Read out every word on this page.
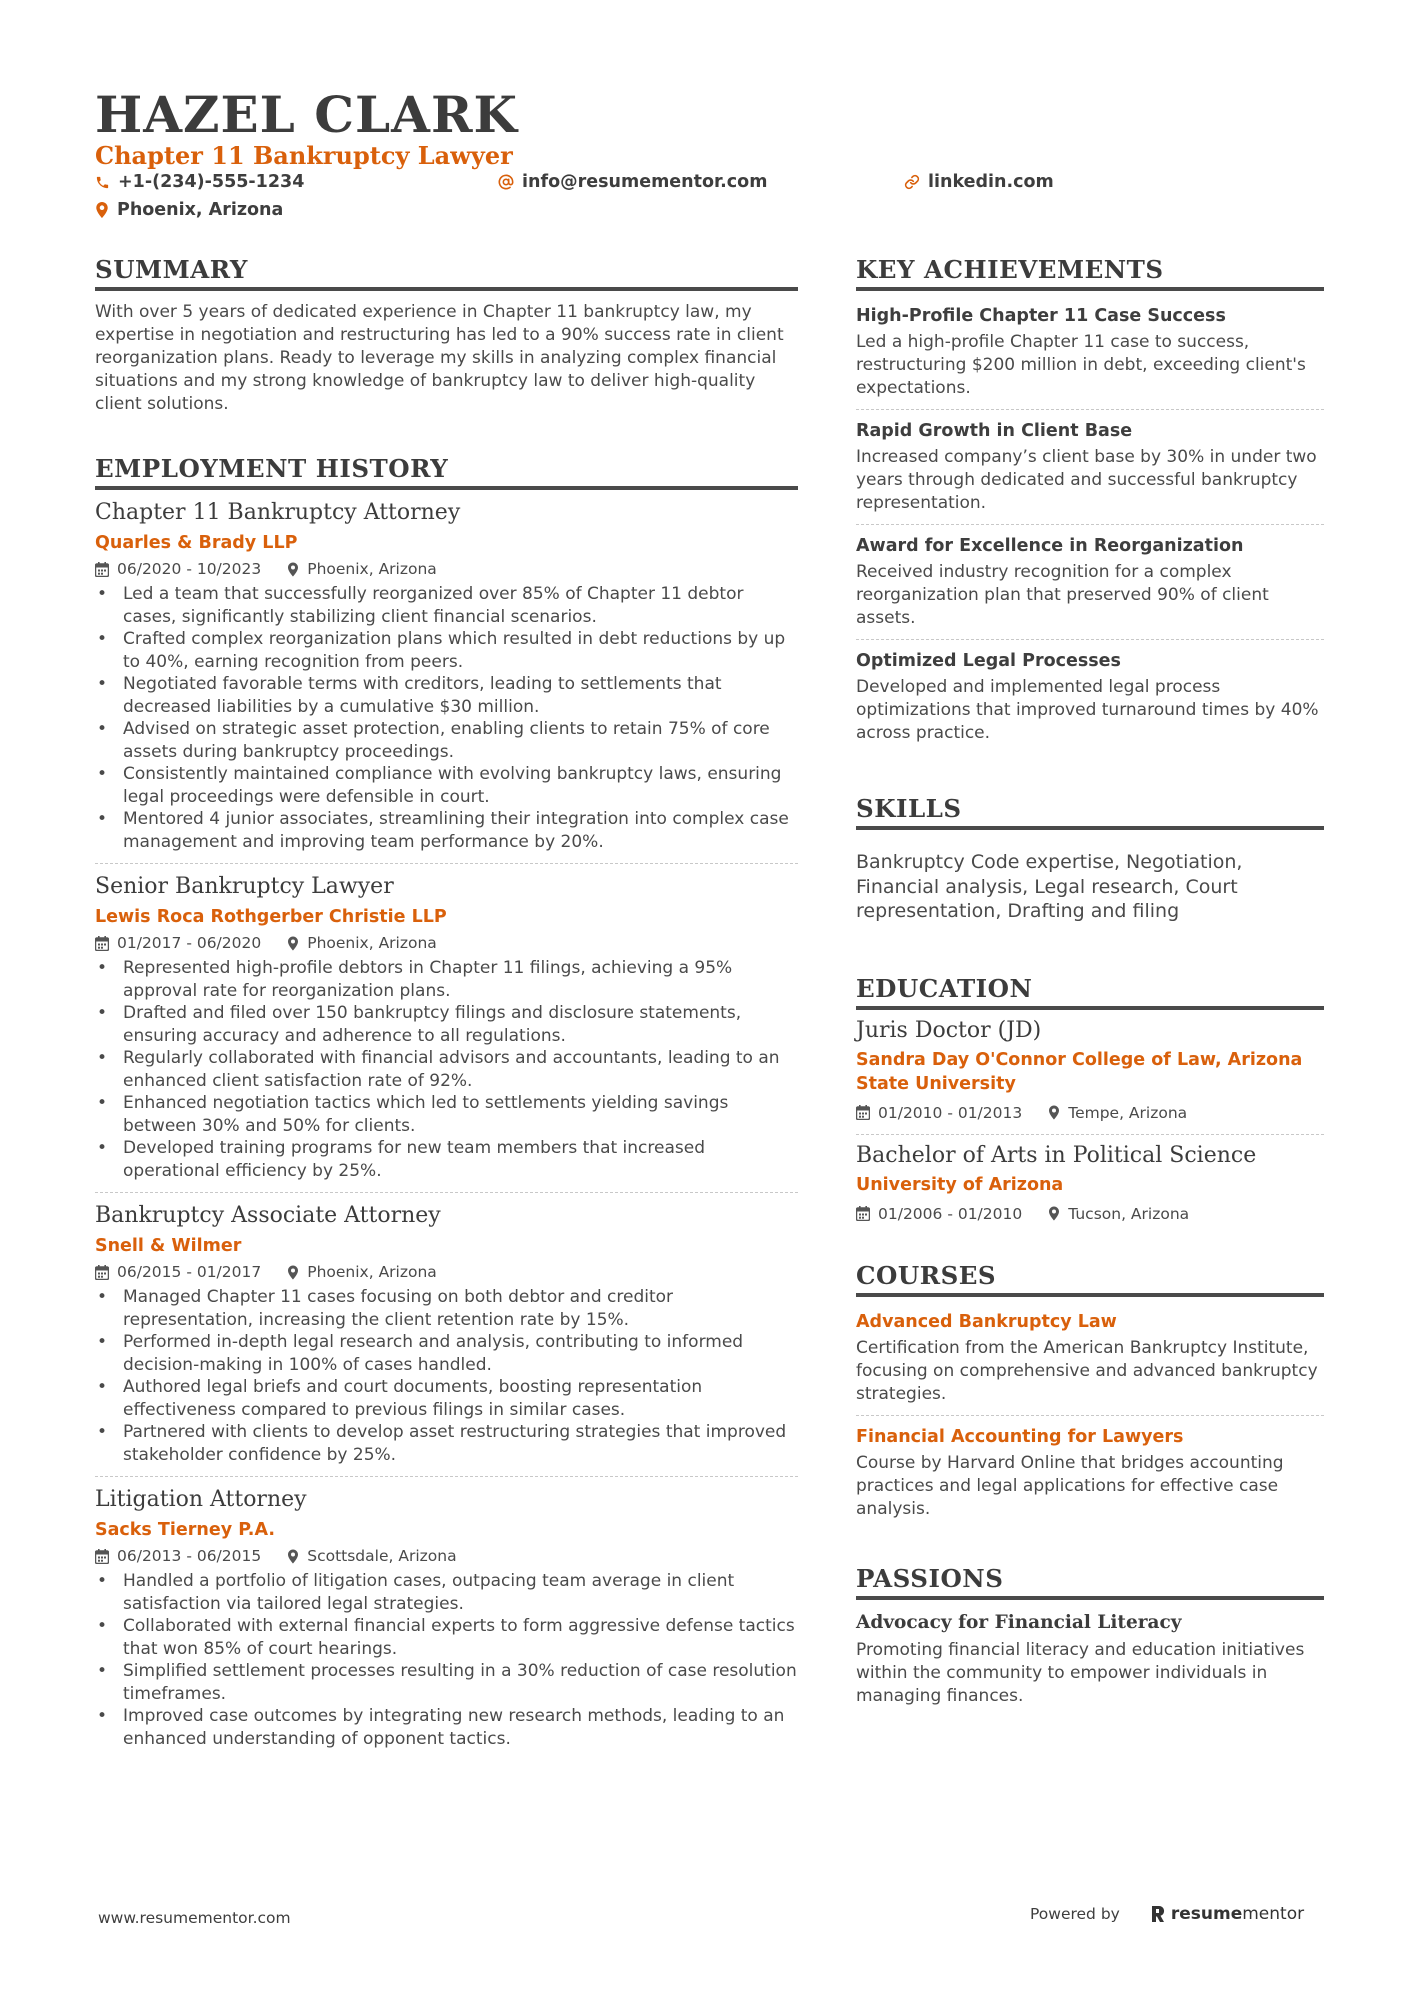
HAZEL CLARK
Chapter 11 Bankruptcy Lawyer
+1-(234)-555-1234	info@resumementor.com	linkedin.com
Phoenix, Arizona
SUMMARY
With over 5 years of dedicated experience in Chapter 11 bankruptcy law, my expertise in negotiation and restructuring has led to a 90% success rate in client reorganization plans. Ready to leverage my skills in analyzing complex financial situations and my strong knowledge of bankruptcy law to deliver high-quality client solutions.
EMPLOYMENT HISTORY
Chapter 11 Bankruptcy Attorney
Quarles & Brady LLP
06/2020 - 10/2023	Phoenix, Arizona
• Led a team that successfully reorganized over 85% of Chapter 11 debtor cases, significantly stabilizing client financial scenarios.
• Crafted complex reorganization plans which resulted in debt reductions by up to 40%, earning recognition from peers.
• Negotiated favorable terms with creditors, leading to settlements that decreased liabilities by a cumulative $30 million.
• Advised on strategic asset protection, enabling clients to retain 75% of core assets during bankruptcy proceedings.
• Consistently maintained compliance with evolving bankruptcy laws, ensuring legal proceedings were defensible in court.
• Mentored 4 junior associates, streamlining their integration into complex case management and improving team performance by 20%.
Senior Bankruptcy Lawyer
Lewis Roca Rothgerber Christie LLP
01/2017 - 06/2020	Phoenix, Arizona
• Represented high-profile debtors in Chapter 11 filings, achieving a 95% approval rate for reorganization plans.
• Drafted and filed over 150 bankruptcy filings and disclosure statements, ensuring accuracy and adherence to all regulations.
• Regularly collaborated with financial advisors and accountants, leading to an enhanced client satisfaction rate of 92%.
• Enhanced negotiation tactics which led to settlements yielding savings between 30% and 50% for clients.
• Developed training programs for new team members that increased operational efficiency by 25%.
Bankruptcy Associate Attorney
Snell & Wilmer
06/2015 - 01/2017	Phoenix, Arizona
• Managed Chapter 11 cases focusing on both debtor and creditor representation, increasing the client retention rate by 15%.
• Performed in-depth legal research and analysis, contributing to informed decision-making in 100% of cases handled.
• Authored legal briefs and court documents, boosting representation effectiveness compared to previous filings in similar cases.
• Partnered with clients to develop asset restructuring strategies that improved stakeholder confidence by 25%.
Litigation Attorney
Sacks Tierney P.A.
06/2013 - 06/2015	Scottsdale, Arizona
• Handled a portfolio of litigation cases, outpacing team average in client satisfaction via tailored legal strategies.
• Collaborated with external financial experts to form aggressive defense tactics that won 85% of court hearings.
• Simplified settlement processes resulting in a 30% reduction of case resolution timeframes.
• Improved case outcomes by integrating new research methods, leading to an enhanced understanding of opponent tactics.
KEY ACHIEVEMENTS
High-Profile Chapter 11 Case Success
Led a high-profile Chapter 11 case to success, restructuring $200 million in debt, exceeding client's expectations.
Rapid Growth in Client Base
Increased company’s client base by 30% in under two years through dedicated and successful bankruptcy representation.
Award for Excellence in Reorganization
Received industry recognition for a complex reorganization plan that preserved 90% of client assets.
Optimized Legal Processes
Developed and implemented legal process optimizations that improved turnaround times by 40% across practice.
SKILLS
Bankruptcy Code expertise, Negotiation, Financial analysis, Legal research, Court representation, Drafting and filing
EDUCATION
Juris Doctor (JD)
Sandra Day O'Connor College of Law, Arizona State University
01/2010 - 01/2013	Tempe, Arizona
Bachelor of Arts in Political Science
University of Arizona
01/2006 - 01/2010	Tucson, Arizona
COURSES
Advanced Bankruptcy Law
Certification from the American Bankruptcy Institute, focusing on comprehensive and advanced bankruptcy strategies.
Financial Accounting for Lawyers
Course by Harvard Online that bridges accounting practices and legal applications for effective case analysis.
PASSIONS
Advocacy for Financial Literacy
Promoting financial literacy and education initiatives within the community to empower individuals in managing finances.
www.resumementor.com	Powered by	resume mentor
